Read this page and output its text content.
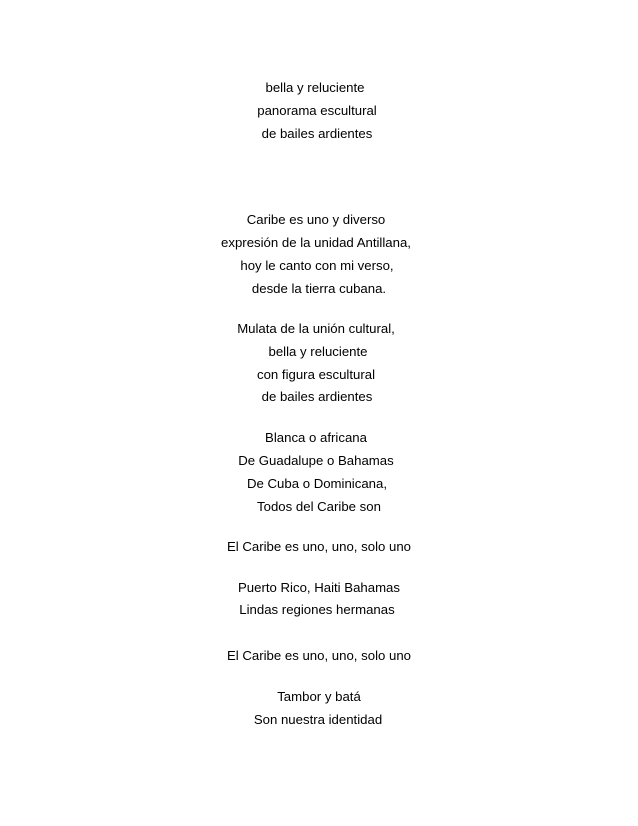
bella y reluciente
panorama escultural
de bailes ardientes
Caribe es uno y diverso
expresión de la unidad Antillana,
hoy le canto con mi verso,
desde la tierra cubana.
Mulata de la unión cultural,
bella y reluciente
con figura escultural
de bailes ardientes
Blanca o africana
De Guadalupe o Bahamas
De Cuba o Dominicana,
Todos del Caribe son
El Caribe es uno, uno, solo uno
Puerto Rico, Haiti Bahamas
Lindas regiones hermanas
El Caribe es uno, uno, solo uno
Tambor y batá
Son nuestra identidad
